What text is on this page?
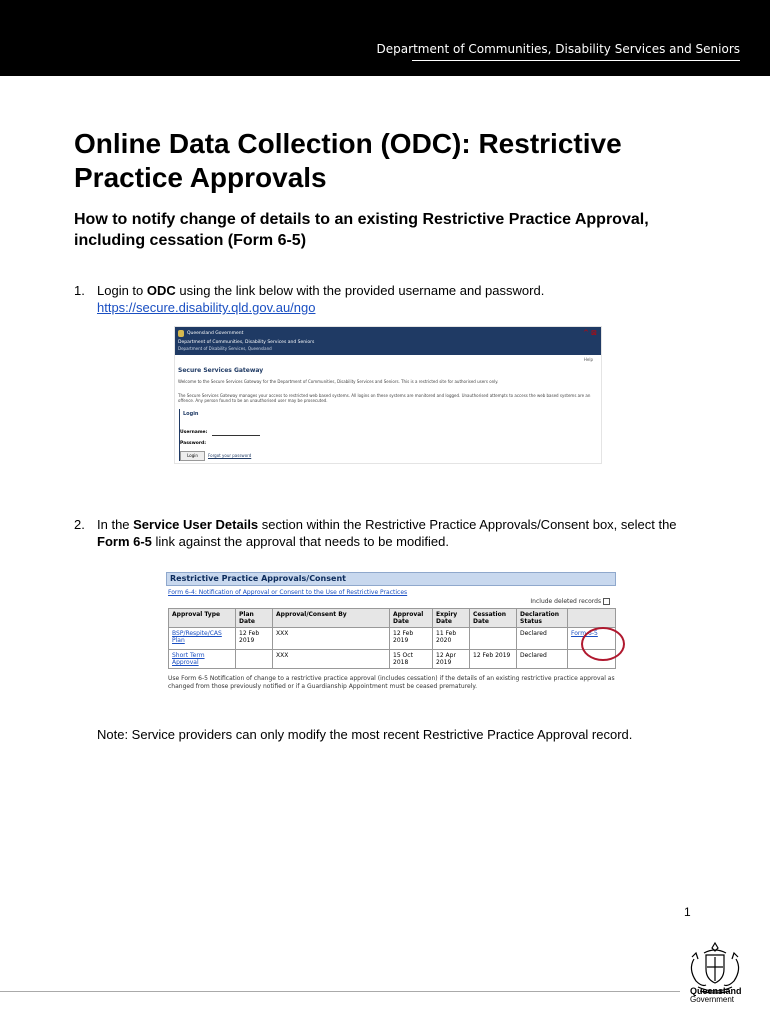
Department of Communities, Disability Services and Seniors
Online Data Collection (ODC): Restrictive Practice Approvals
How to notify change of details to an existing Restrictive Practice Approval, including cessation (Form 6-5)
1. Login to ODC using the link below with the provided username and password.
https://secure.disability.qld.gov.au/ngo
Queensland Government
Department of Communities, Disability Services and Seniors
Department of Disability Services, Queensland
^ ⊠
Help
Secure Services Gateway
Welcome to the Secure Services Gateway for the Department of Communities, Disability Services and Seniors. This is a restricted site for authorised users only.
The Secure Services Gateway manages your access to restricted web based systems. All logins on these systems are monitored and logged. Unauthorised attempts to access the web based systems are an offence. Any person found to be an unauthorised user may be prosecuted.
Login
Username:
Password:
Login	Forgot your password
2. In the Service User Details section within the Restrictive Practice Approvals/Consent box, select the Form 6-5 link against the approval that needs to be modified.
Restrictive Practice Approvals/Consent
Form 6-4: Notification of Approval or Consent to the Use of Restrictive Practices
Include deleted records
Approval Type	Plan Date	Approval/Consent By	Approval Date	Expiry Date	Cessation Date	Declaration Status	
BSP/Respite/CAS Plan	12 Feb 2019	XXX	12 Feb 2019	11 Feb 2020		Declared	Form 6-5
Short Term Approval		XXX	15 Oct 2018	12 Apr 2019	12 Feb 2019	Declared	
Use Form 6-5 Notification of change to a restrictive practice approval (includes cessation) if the details of an existing restrictive practice approval as changed from those previously notified or if a Guardianship Appointment must be ceased prematurely.
Note: Service providers can only modify the most recent Restrictive Practice Approval record.
1
Queensland
Government
